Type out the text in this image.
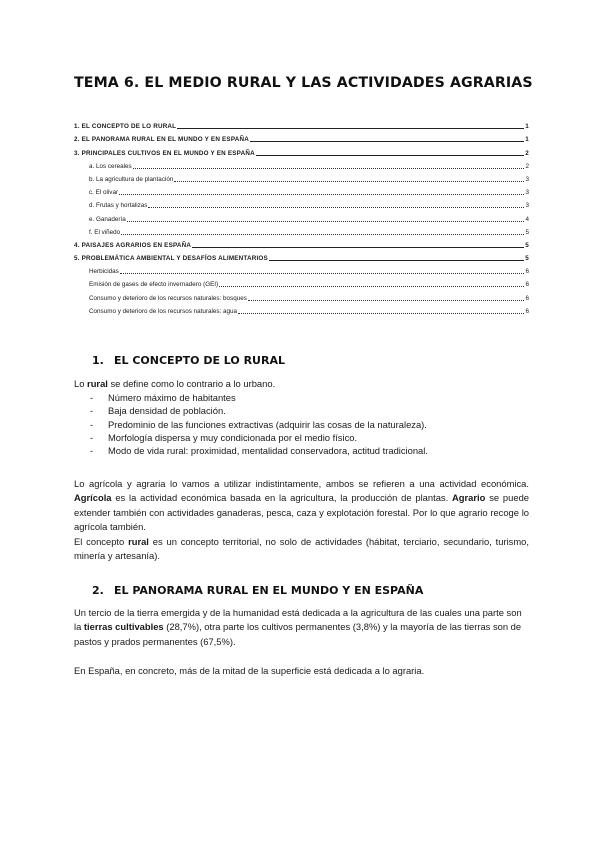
TEMA 6. EL MEDIO RURAL Y LAS ACTIVIDADES AGRARIAS
1. EL CONCEPTO DE LO RURAL	1
2. EL PANORAMA RURAL EN EL MUNDO Y EN ESPAÑA	1
3. PRINCIPALES CULTIVOS EN EL MUNDO Y EN ESPAÑA	2
a. Los cereales	2
b. La agricultura de plantación	3
c. El olivar	3
d. Frutas y hortalizas	3
e. Ganadería	4
f. El viñedo	5
4. PAISAJES AGRARIOS EN ESPAÑA	5
5. PROBLEMÁTICA AMBIENTAL Y DESAFÍOS ALIMENTARIOS	5
Herbicidas	6
Emisión de gases de efecto invernadero (GEI)	6
Consumo y deterioro de los recursos naturales: bosques	6
Consumo y deterioro de los recursos naturales: agua	6
1. EL CONCEPTO DE LO RURAL

Lo rural se define como lo contrario a lo urbano.

- Número máximo de habitantes
- Baja densidad de población.
- Predominio de las funciones extractivas (adquirir las cosas de la naturaleza).
- Morfología dispersa y muy condicionada por el medio físico.
- Modo de vida rural: proximidad, mentalidad conservadora, actitud tradicional.

Lo agrícola y agraria lo vamos a utilizar indistintamente, ambos se refieren a una actividad económica. Agrícola es la actividad económica basada en la agricultura, la producción de plantas. Agrario se puede extender también con actividades ganaderas, pesca, caza y explotación forestal. Por lo que agrario recoge lo agrícola también.

El concepto rural es un concepto territorial, no solo de actividades (hábitat, terciario, secundario, turismo, minería y artesanía).

2. EL PANORAMA RURAL EN EL MUNDO Y EN ESPAÑA

Un tercio de la tierra emergida y de la humanidad está dedicada a la agricultura de las cuales una parte son la tierras cultivables (28,7%), otra parte los cultivos permanentes (3,8%) y la mayoría de las tierras son de pastos y prados permanentes (67,5%).

En España, en concreto, más de la mitad de la superficie está dedicada a lo agraria.
